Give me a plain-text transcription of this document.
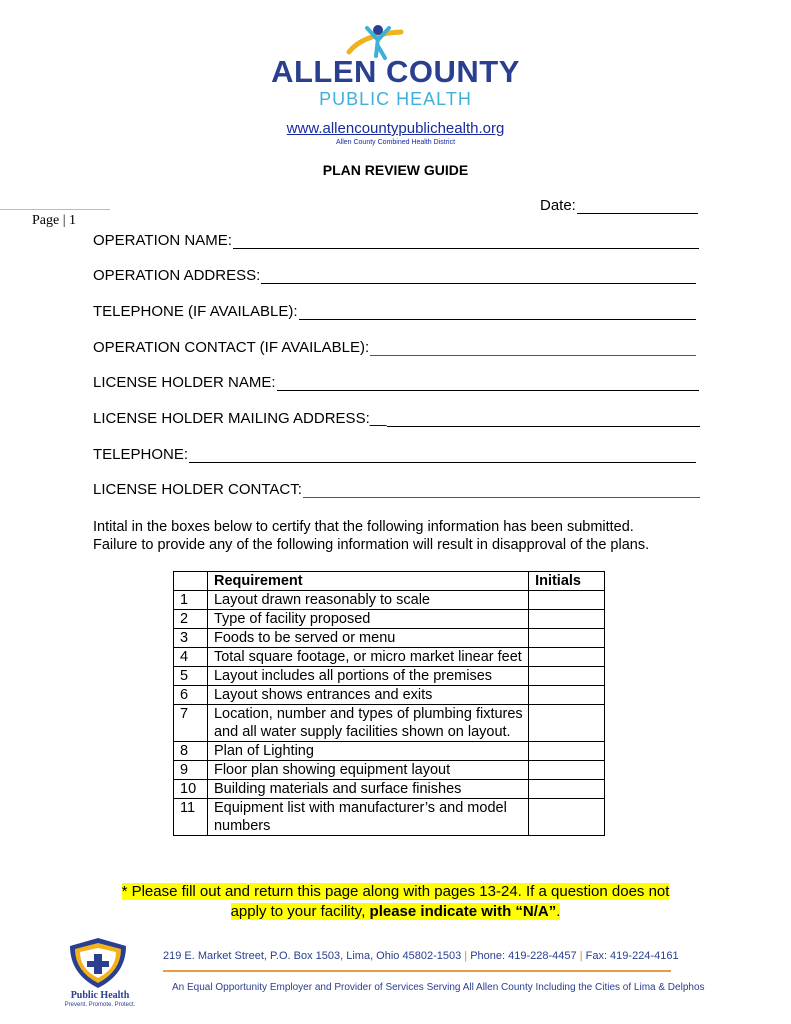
ALLEN COUNTY
PUBLIC HEALTH
www.allencountypublichealth.org
Allen County Combined Health District
PLAN REVIEW GUIDE
Page | 1
Date:
OPERATION NAME:
OPERATION ADDRESS:
TELEPHONE (IF AVAILABLE):
OPERATION CONTACT (IF AVAILABLE):
LICENSE HOLDER NAME:
LICENSE HOLDER MAILING ADDRESS:__
TELEPHONE:
LICENSE HOLDER CONTACT:
Intital in the boxes below to certify that the following information has been submitted.
Failure to provide any of the following information will result in disapproval of the plans.
	Requirement	Initials
1	Layout drawn reasonably to scale	
2	Type of facility proposed	
3	Foods to be served or menu	
4	Total square footage, or micro market linear feet	
5	Layout includes all portions of the premises	
6	Layout shows entrances and exits	
7	Location, number and types of plumbing fixtures and all water supply facilities shown on layout.	
8	Plan of Lighting	
9	Floor plan showing equipment layout	
10	Building materials and surface finishes	
11	Equipment list with manufacturer’s and model numbers	
* Please fill out and return this page along with pages 13-24. If a question does not
apply to your facility, please indicate with “N/A”.
Public Health
Prevent. Promote. Protect.
219 E. Market Street, P.O. Box 1503, Lima, Ohio 45802-1503 | Phone: 419-228-4457 | Fax: 419-224-4161
An Equal Opportunity Employer and Provider of Services Serving All Allen County Including the Cities of Lima & Delphos
